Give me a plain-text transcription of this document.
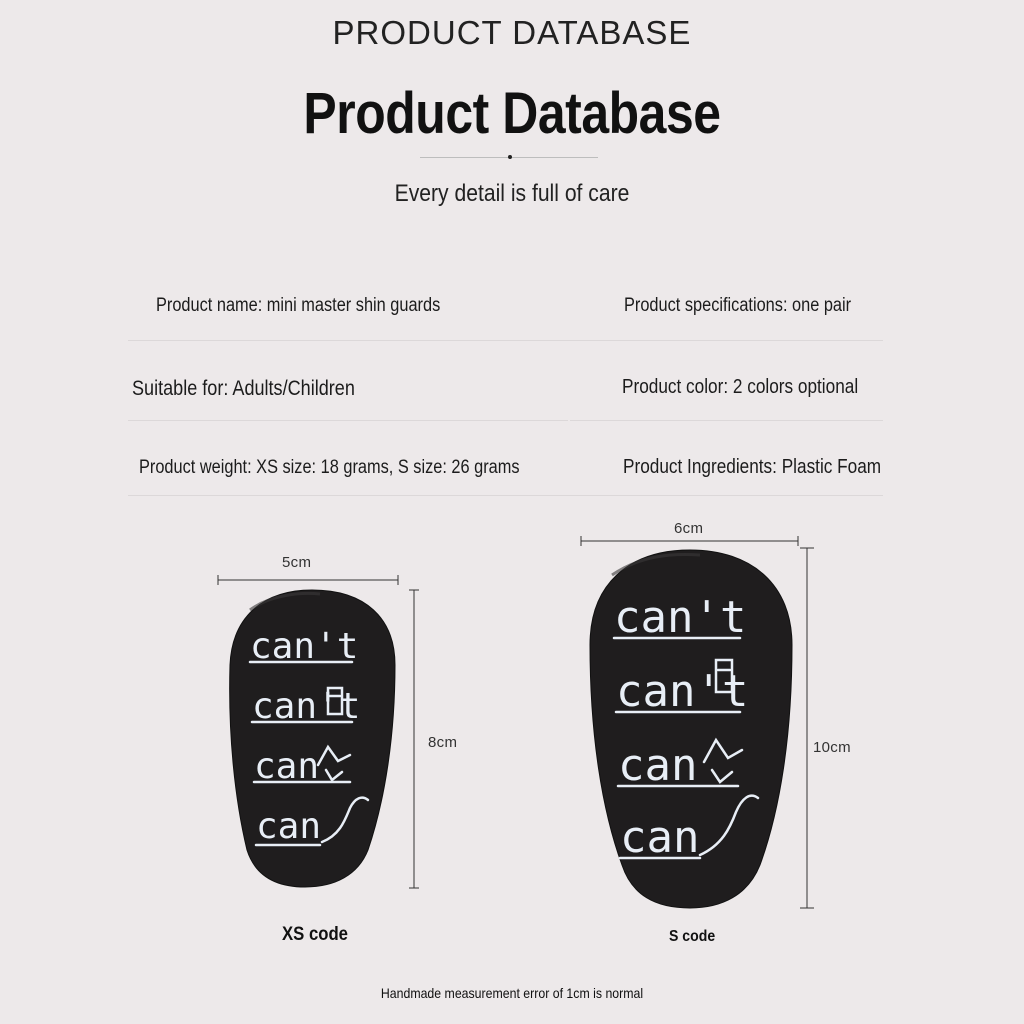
PRODUCT DATABASE
Product Database
Every detail is full of care
Product name: mini master shin guards	Product specifications: one pair
Suitable for: Adults/Children	Product color: 2 colors optional
Product weight: XS size: 18 grams, S size: 26 grams	Product Ingredients: Plastic Foam
5cm
8cm
6cm
10cm
can't
can't
can
can
can't
can't
can
can
XS code	S code
Handmade measurement error of 1cm is normal
